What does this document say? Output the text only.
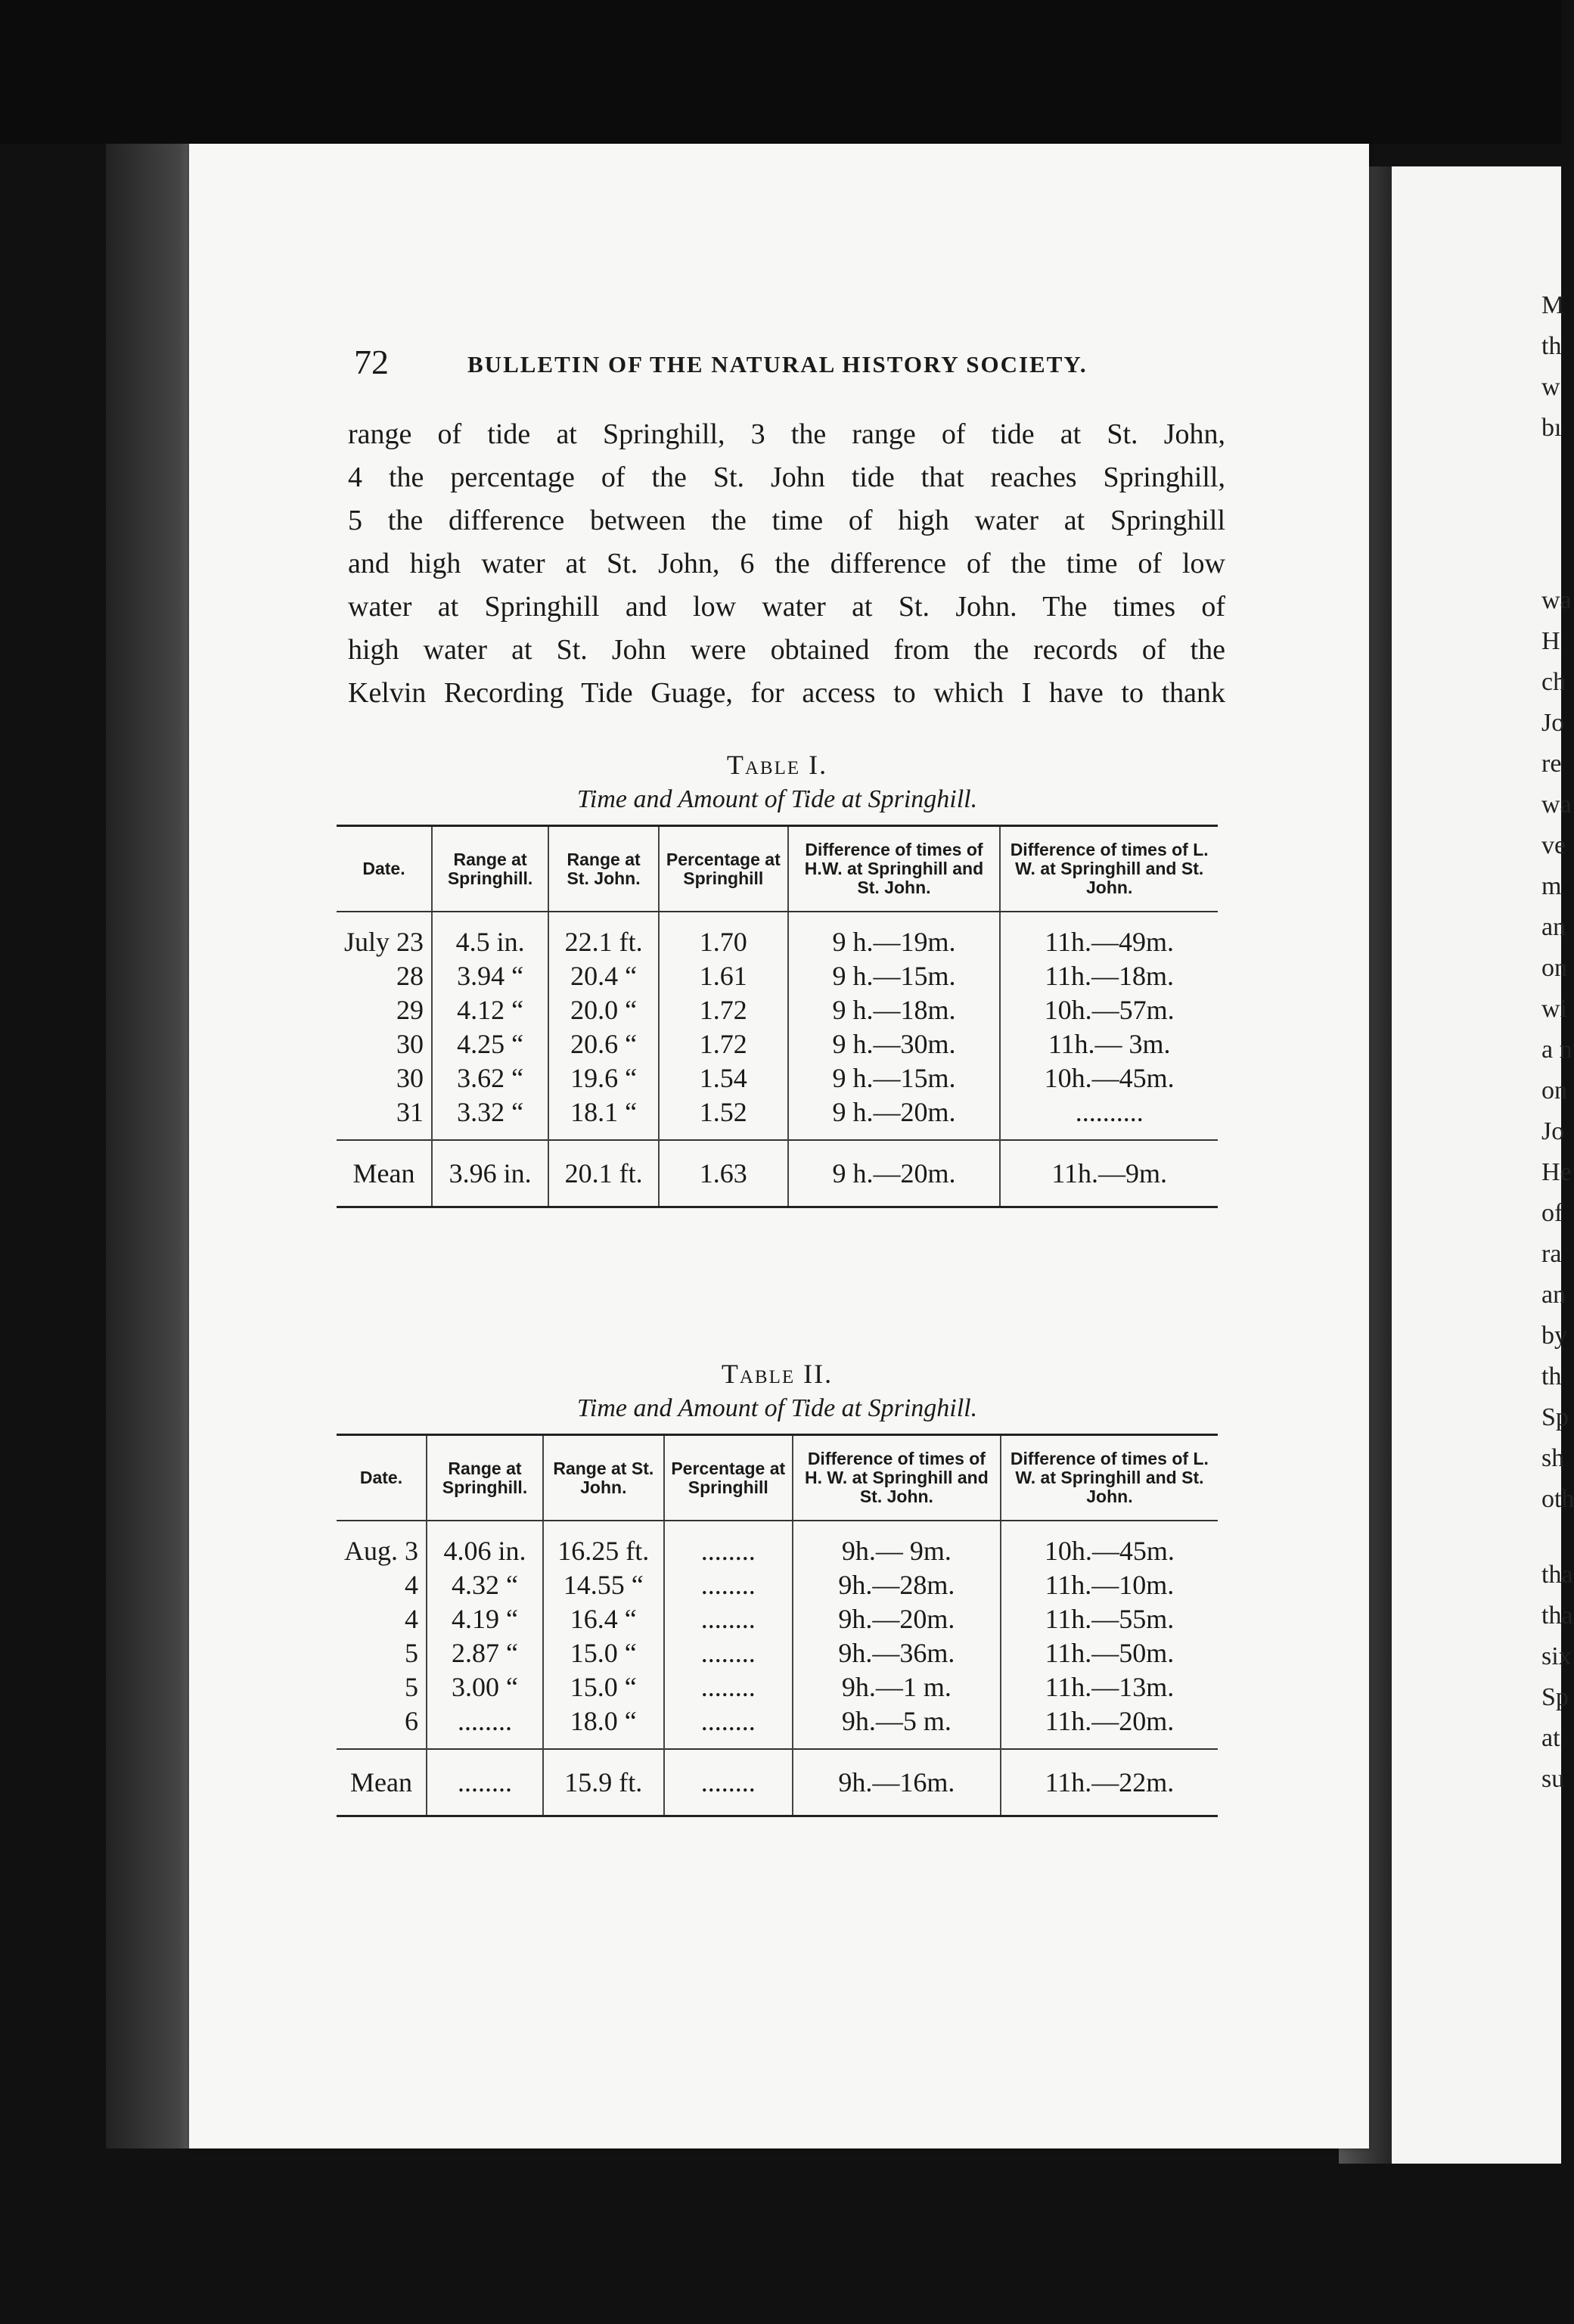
72	BULLETIN OF THE NATURAL HISTORY SOCIETY.
range of tide at Springhill, 3 the range of tide at St. John,
4 the percentage of the St. John tide that reaches Springhill,
5 the difference between the time of high water at Springhill
and high water at St. John, 6 the difference of the time of low
water at Springhill and low water at St. John. The times of
high water at St. John were obtained from the records of the
Kelvin Recording Tide Guage, for access to which I have to thank
Table I.
Time and Amount of Tide at Springhill.
Date.	Range at Springhill.	Range at St. John.	Percentage at Springhill	Difference of times of H.W. at Springhill and St. John.	Difference of times of L. W. at Springhill and St. John.
July 23	4.5 in.	22.1 ft.	1.70	9 h.—19m.	11h.—49m.
28	3.94 “	20.4 “	1.61	9 h.—15m.	11h.—18m.
29	4.12 “	20.0 “	1.72	9 h.—18m.	10h.—57m.
30	4.25 “	20.6 “	1.72	9 h.—30m.	11h.— 3m.
30	3.62 “	19.6 “	1.54	9 h.—15m.	10h.—45m.
31	3.32 “	18.1 “	1.52	9 h.—20m.	..........
Mean	3.96 in.	20.1 ft.	1.63	9 h.—20m.	11h.—9m.
Table II.
Time and Amount of Tide at Springhill.
Date.	Range at Springhill.	Range at St. John.	Percentage at Springhill	Difference of times of H. W. at Springhill and St. John.	Difference of times of L. W. at Springhill and St. John.
Aug. 3	4.06 in.	16.25 ft.	........	9h.— 9m.	10h.—45m.
4	4.32 “	14.55 “	........	9h.—28m.	11h.—10m.
4	4.19 “	16.4 “	........	9h.—20m.	11h.—55m.
5	2.87 “	15.0 “	........	9h.—36m.	11h.—50m.
5	3.00 “	15.0 “	........	9h.—1 m.	11h.—13m.
6	........	18.0 “	........	9h.—5 m.	11h.—20m.
Mean	........	15.9 ft.	........	9h.—16m.	11h.—22m.
M
th
w
bı
wa
H
ch
Jo
re
wa
ve
m
an
on
wi
a n
on
Jo
He
of
ra
an
by
th
Sp
sh
oth
tha
tha
six
Sp
at
su
